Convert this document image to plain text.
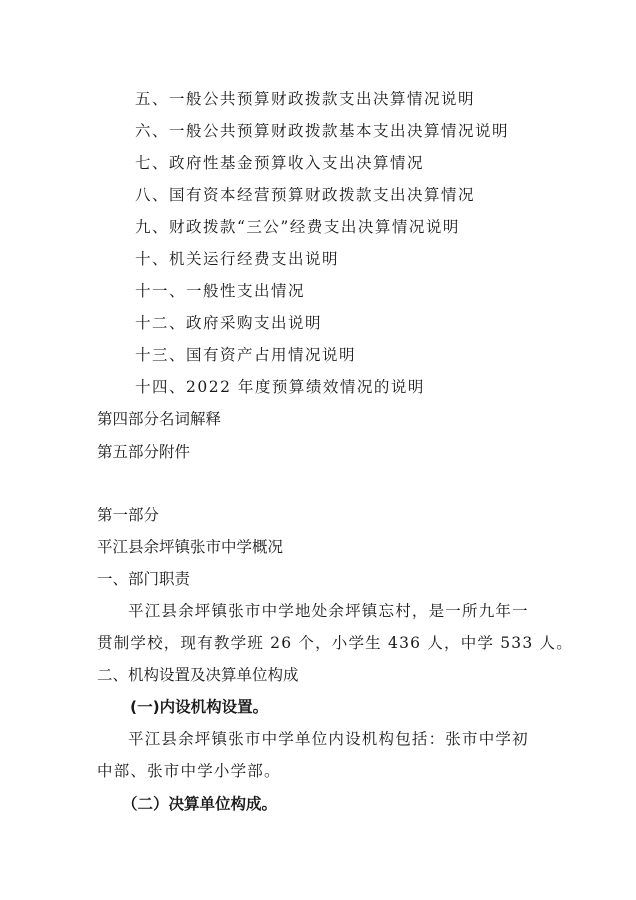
五、一般公共预算财政拨款支出决算情况说明
六、一般公共预算财政拨款基本支出决算情况说明
七、政府性基金预算收入支出决算情况
八、国有资本经营预算财政拨款支出决算情况
九、财政拨款“三公”经费支出决算情况说明
十、机关运行经费支出说明
十一、一般性支出情况
十二、政府采购支出说明
十三、国有资产占用情况说明
十四、2022 年度预算绩效情况的说明
第四部分名词解释
第五部分附件
第一部分
平江县余坪镇张市中学概况
一、部门职责
平江县余坪镇张市中学地处余坪镇忘村，是一所九年一
贯制学校，现有教学班 26 个，小学生 436 人，中学 533 人。
二、机构设置及决算单位构成
(一)内设机构设置。
平江县余坪镇张市中学单位内设机构包括：张市中学初
中部、张市中学小学部。
（二）决算单位构成。
